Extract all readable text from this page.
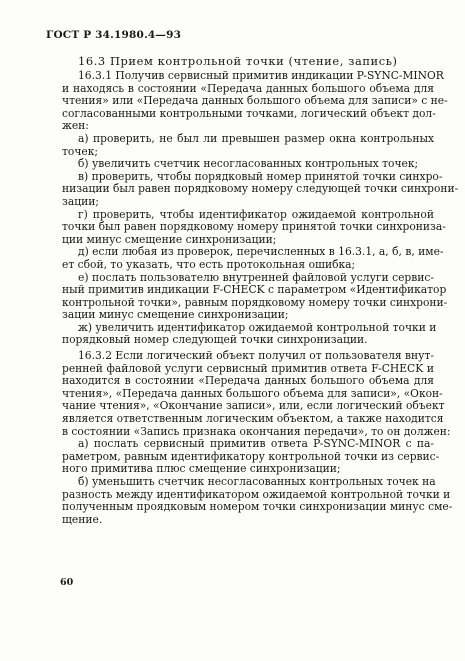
ГОСТ Р 34.1980.4—93
16.3 Прием контрольной точки (чтение, запись)
16.3.1 Получив сервисный примитив индикации P-SYNC-MINOR
и находясь в состоянии «Передача данных большого объема для
чтения» или «Передача данных большого объема для записи» с не-
согласованными контрольными точками, логический объект дол-
жен:
а) проверить, не был ли превышен размер окна контрольных
точек;
б) увеличить счетчик несогласованных контрольных точек;
в) проверить, чтобы порядковый номер принятой точки синхро-
низации был равен порядковому номеру следующей точки синхрони-
зации;
г) проверить, чтобы идентификатор ожидаемой контрольной
точки был равен порядковому номеру принятой точки синхрониза-
ции минус смещение синхронизации;
д) если любая из проверок, перечисленных в 16.3.1, а, б, в, име-
ет сбой, то указать, что есть протокольная ошибка;
е) послать пользователю внутренней файловой услуги сервис-
ный примитив индикации F-CHECK с параметром «Идентификатор
контрольной точки», равным порядковому номеру точки синхрони-
зации минус смещение синхронизации;
ж) увеличить идентификатор ожидаемой контрольной точки и
порядковый номер следующей точки синхронизации.
16.3.2 Если логический объект получил от пользователя внут-
ренней файловой услуги сервисный примитив ответа F-CHECK и
находится в состоянии «Передача данных большого объема для
чтения», «Передача данных большого объема для записи», «Окон-
чание чтения», «Окончание записи», или, если логический объект
является ответственным логическим объектом, а также находится
в состоянии «Запись признака окончания передачи», то он должен:
а) послать сервисный примитив ответа P-SYNC-MINOR с па-
раметром, равным идентификатору контрольной точки из сервис-
ного примитива плюс смещение синхронизации;
б) уменьшить счетчик несогласованных контрольных точек на
разность между идентификатором ожидаемой контрольной точки и
полученным проядковым номером точки синхронизации минус сме-
щение.
60
